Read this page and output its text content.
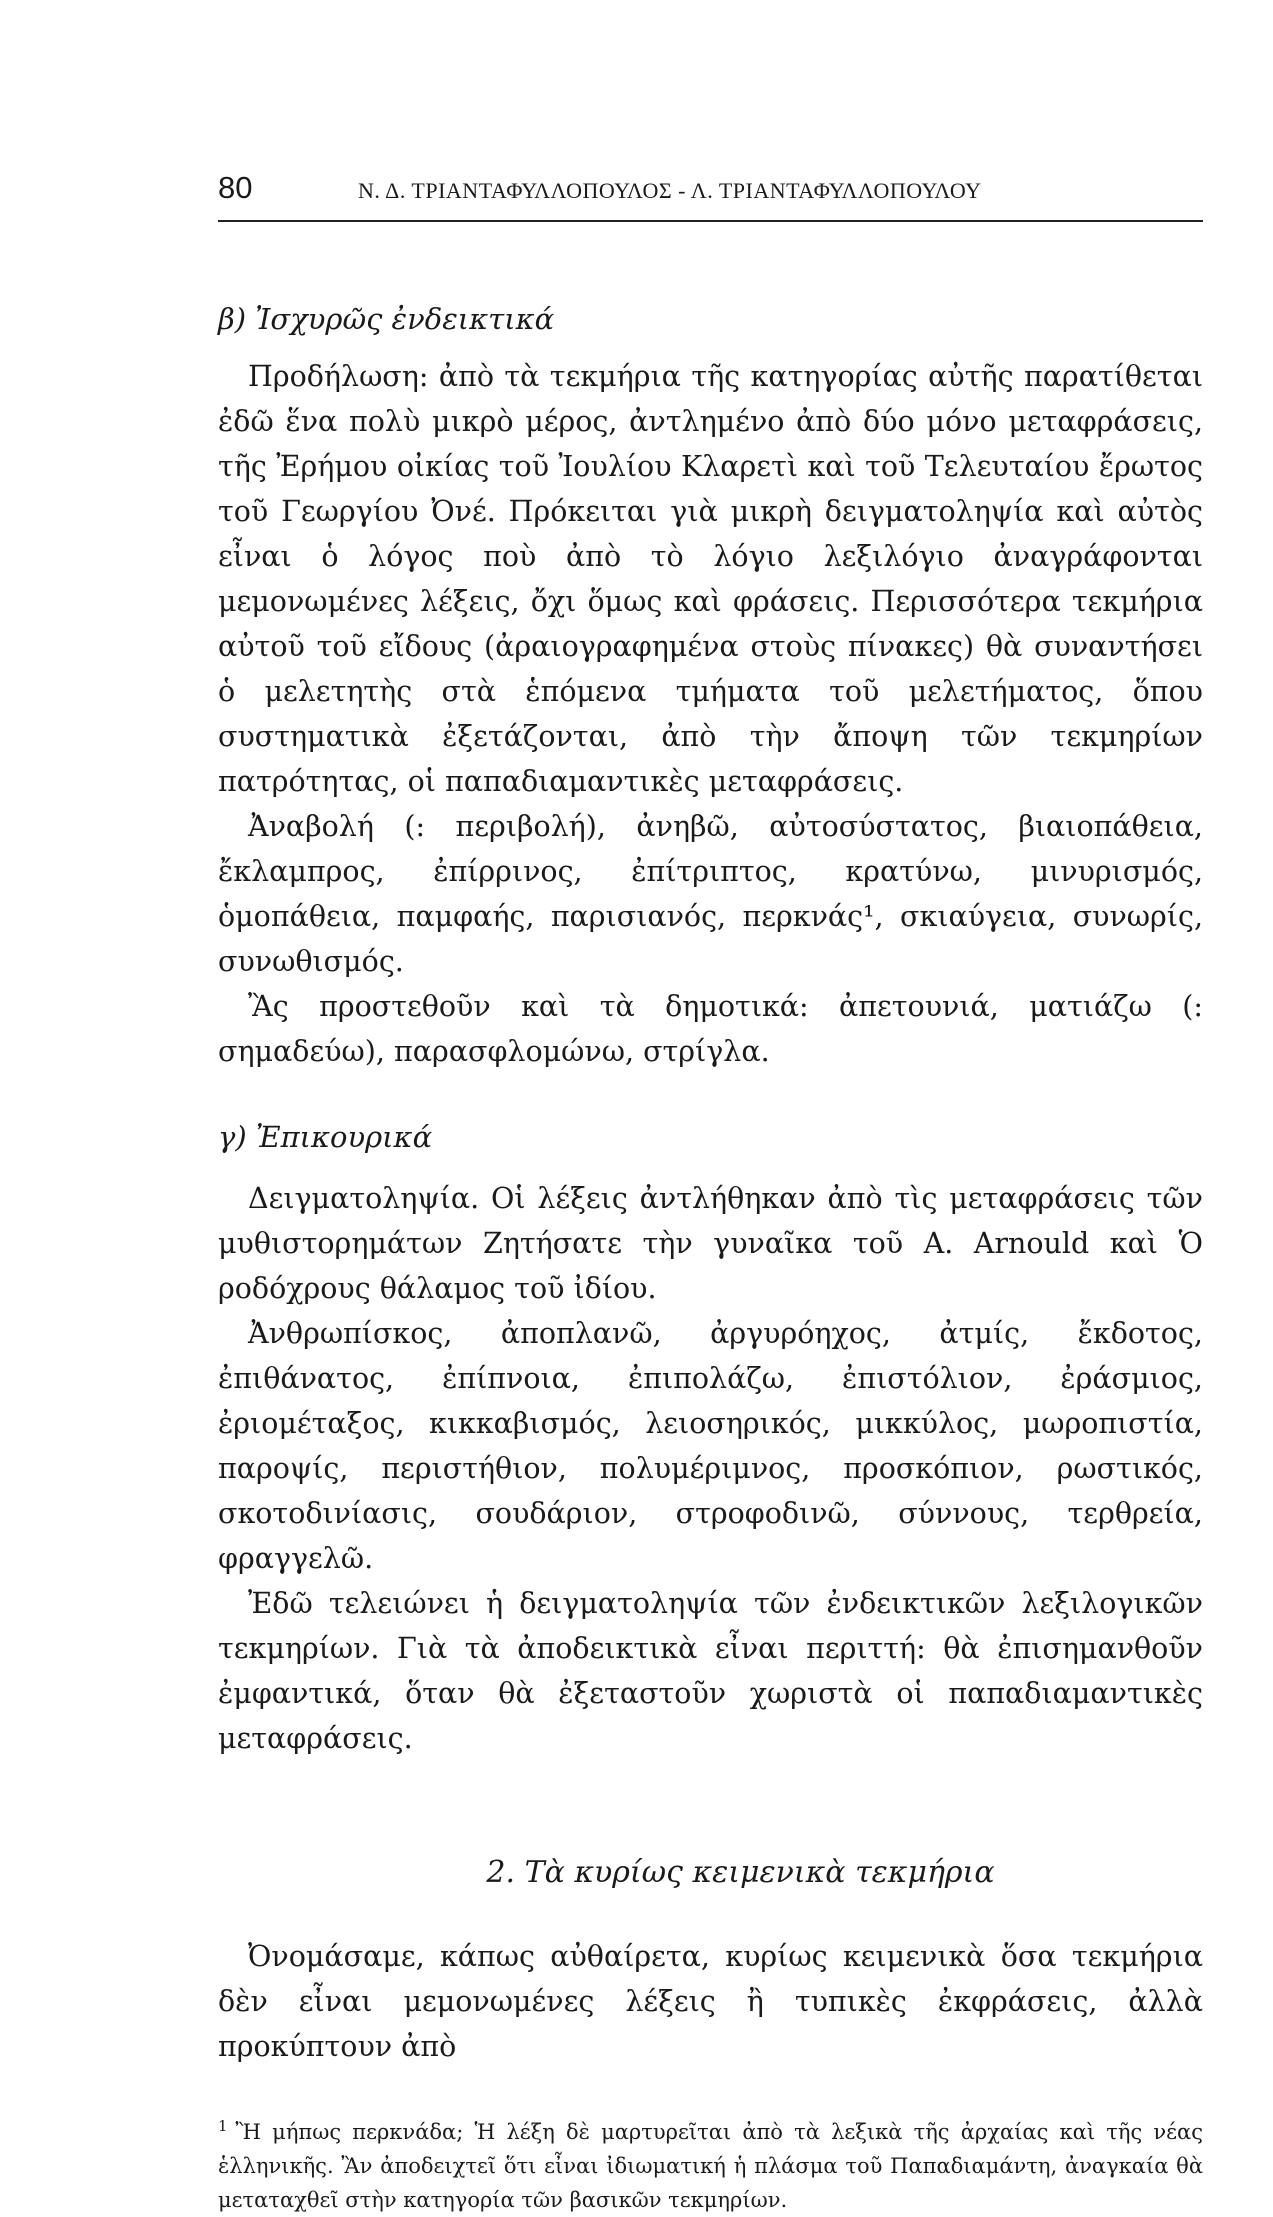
80	Ν. Δ. ΤΡΙΑΝΤΑΦΥΛΛΟΠΟΥΛΟΣ - Λ. ΤΡΙΑΝΤΑΦΥΛΛΟΠΟΥΛΟΥ

β) Ἰσχυρῶς ἐνδεικτικά

Προδήλωση: ἀπὸ τὰ τεκμήρια τῆς κατηγορίας αὐτῆς παρατίθεται ἐδῶ ἕνα πολὺ μικρὸ μέρος, ἀντλημένο ἀπὸ δύο μόνο μεταφράσεις, τῆς Ἐρήμου οἰκίας τοῦ Ἰουλίου Κλαρετὶ καὶ τοῦ Τελευταίου ἔρωτος τοῦ Γεωργίου Ὀνέ. Πρόκειται γιὰ μικρὴ δειγματοληψία καὶ αὐτὸς εἶναι ὁ λόγος ποὺ ἀπὸ τὸ λόγιο λεξιλόγιο ἀναγράφονται μεμονωμένες λέξεις, ὄχι ὅμως καὶ φράσεις. Περισσότερα τεκμήρια αὐτοῦ τοῦ εἴδους (ἀραιογραφημένα στοὺς πίνακες) θὰ συναντήσει ὁ μελετητὴς στὰ ἑπόμενα τμήματα τοῦ μελετήματος, ὅπου συστηματικὰ ἐξετάζονται, ἀπὸ τὴν ἄποψη τῶν τεκμηρίων πατρότητας, οἱ παπαδιαμαντικὲς μεταφράσεις.

Ἀναβολή (: περιβολή), ἀνηβῶ, αὐτοσύστατος, βιαιοπάθεια, ἔκλαμπρος, ἐπίρρινος, ἐπίτριπτος, κρατύνω, μινυρισμός, ὁμοπάθεια, παμφαής, παρισιανός, περκνάς¹, σκιαύγεια, συνωρίς, συνωθισμός.

Ἂς προστεθοῦν καὶ τὰ δημοτικά: ἀπετουνιά, ματιάζω (: σημαδεύω), παρασφλομώνω, στρίγλα.

γ) Ἐπικουρικά

Δειγματοληψία. Οἱ λέξεις ἀντλήθηκαν ἀπὸ τὶς μεταφράσεις τῶν μυθιστορημάτων Ζητήσατε τὴν γυναῖκα τοῦ A. Arnould καὶ Ὁ ροδόχρους θάλαμος τοῦ ἰδίου.

Ἀνθρωπίσκος, ἀποπλανῶ, ἀργυρόηχος, ἀτμίς, ἔκδοτος, ἐπιθάνατος, ἐπίπνοια, ἐπιπολάζω, ἐπιστόλιον, ἐράσμιος, ἐριομέταξος, κικκαβισμός, λειοσηρικός, μικκύλος, μωροπιστία, παροψίς, περιστήθιον, πολυμέριμνος, προσκόπιον, ρωστικός, σκοτοδινίασις, σουδάριον, στροφοδινῶ, σύννους, τερθρεία, φραγγελῶ.

Ἐδῶ τελειώνει ἡ δειγματοληψία τῶν ἐνδεικτικῶν λεξιλογικῶν τεκμηρίων. Γιὰ τὰ ἀποδεικτικὰ εἶναι περιττή: θὰ ἐπισημανθοῦν ἐμφαντικά, ὅταν θὰ ἐξεταστοῦν χωριστὰ οἱ παπαδιαμαντικὲς μεταφράσεις.

2. Τὰ κυρίως κειμενικὰ τεκμήρια

Ὀνομάσαμε, κάπως αὐθαίρετα, κυρίως κειμενικὰ ὅσα τεκμήρια δὲν εἶναι μεμονωμένες λέξεις ἢ τυπικὲς ἐκφράσεις, ἀλλὰ προκύπτουν ἀπὸ

$^1$ Ἢ μήπως περκνάδα; Ἡ λέξη δὲ μαρτυρεῖται ἀπὸ τὰ λεξικὰ τῆς ἀρχαίας καὶ τῆς νέας ἑλληνικῆς. Ἂν ἀποδειχτεῖ ὅτι εἶναι ἰδιωματική ἡ πλάσμα τοῦ Παπαδιαμάντη, ἀναγκαία θὰ μεταταχθεῖ στὴν κατηγορία τῶν βασικῶν τεκμηρίων.
